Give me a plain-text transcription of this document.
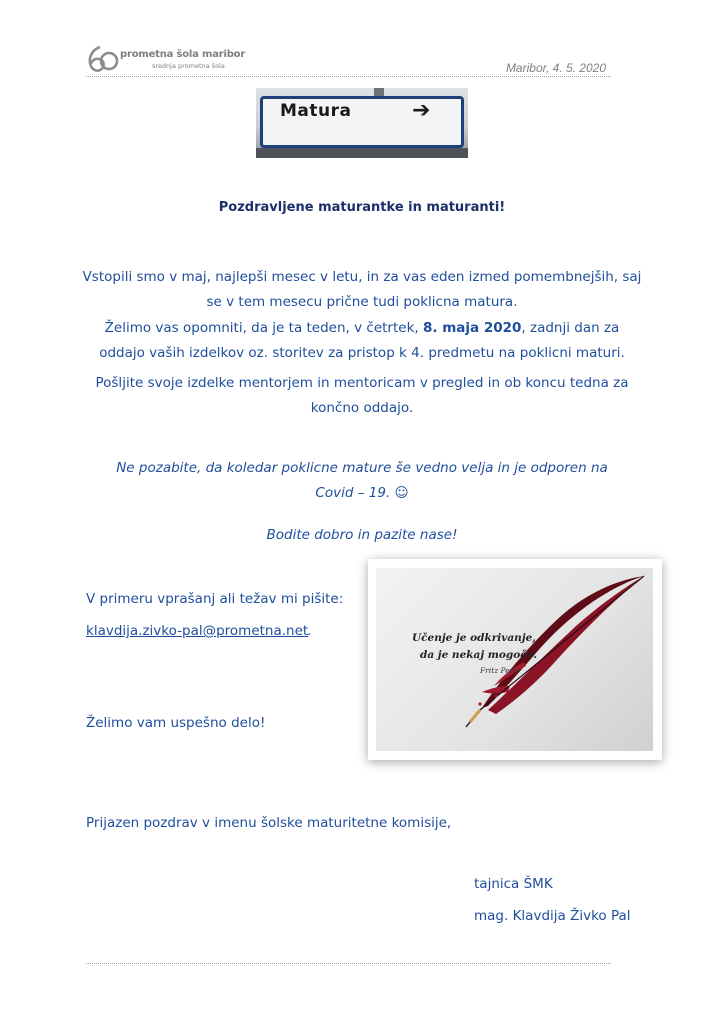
prometna šola maribor
srednja prometna šola	Maribor, 4. 5. 2020
Matura	➔
Pozdravljene maturantke in maturanti!
Vstopili smo v maj, najlepši mesec v letu, in za vas eden izmed pomembnejših, saj se v tem mesecu prične tudi poklicna matura.
Želimo vas opomniti, da je ta teden, v četrtek, 8. maja 2020, zadnji dan za oddajo vaših izdelkov oz. storitev za pristop k 4. predmetu na poklicni maturi.
Pošljite svoje izdelke mentorjem in mentoricam v pregled in ob koncu tedna za končno oddajo.
Ne pozabite, da koledar poklicne mature še vedno velja in je odporen na Covid – 19. ☺
Bodite dobro in pazite nase!
V primeru vprašanj ali težav mi pišite:
klavdija.zivko-pal@prometna.net
.
Želimo vam uspešno delo!
Prijazen pozdrav v imenu šolske maturitetne komisije,
tajnica ŠMK
mag. Klavdija Živko Pal
Učenje je odkrivanje,
da je nekaj mogoče.
Fritz Perls
